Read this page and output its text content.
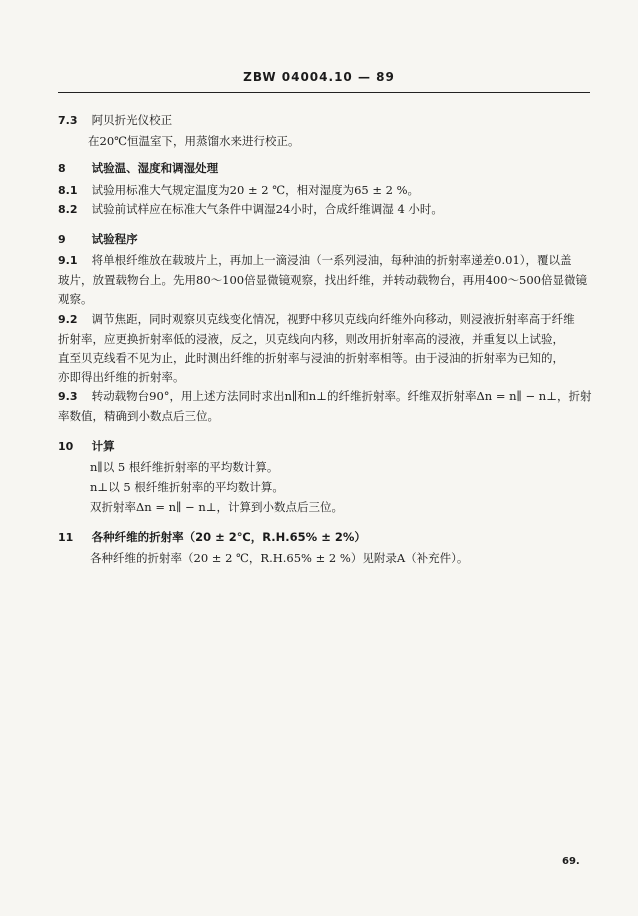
ZBW 04004.10 — 89
7.3 阿贝折光仪校正
在20℃恒温室下，用蒸馏水来进行校正。
8 试验温、湿度和调湿处理
8.1 试验用标准大气规定温度为20 ± 2 ℃，相对湿度为65 ± 2 %。
8.2 试验前试样应在标准大气条件中调湿24小时，合成纤维调湿 4 小时。
9 试验程序
9.1 将单根纤维放在载玻片上，再加上一滴浸油（一系列浸油，每种油的折射率递差0.01），覆以盖
玻片，放置载物台上。先用80～100倍显微镜观察，找出纤维，并转动载物台，再用400～500倍显微镜
观察。
9.2 调节焦距，同时观察贝克线变化情况，视野中移贝克线向纤维外向移动，则浸液折射率高于纤维
折射率，应更换折射率低的浸液，反之，贝克线向内移，则改用折射率高的浸液，并重复以上试验，
直至贝克线看不见为止，此时测出纤维的折射率与浸油的折射率相等。由于浸油的折射率为已知的，
亦即得出纤维的折射率。
9.3 转动载物台90°，用上述方法同时求出n∥和n⊥的纤维折射率。纤维双折射率Δn = n∥ − n⊥，折射
率数值，精确到小数点后三位。
10 计算
n∥以 5 根纤维折射率的平均数计算。
n⊥以 5 根纤维折射率的平均数计算。
双折射率Δn = n∥ − n⊥，计算到小数点后三位。
11 各种纤维的折射率（20 ± 2℃，R.H.65% ± 2%）
各种纤维的折射率（20 ± 2 ℃，R.H.65% ± 2 %）见附录A（补充件）。
69.
